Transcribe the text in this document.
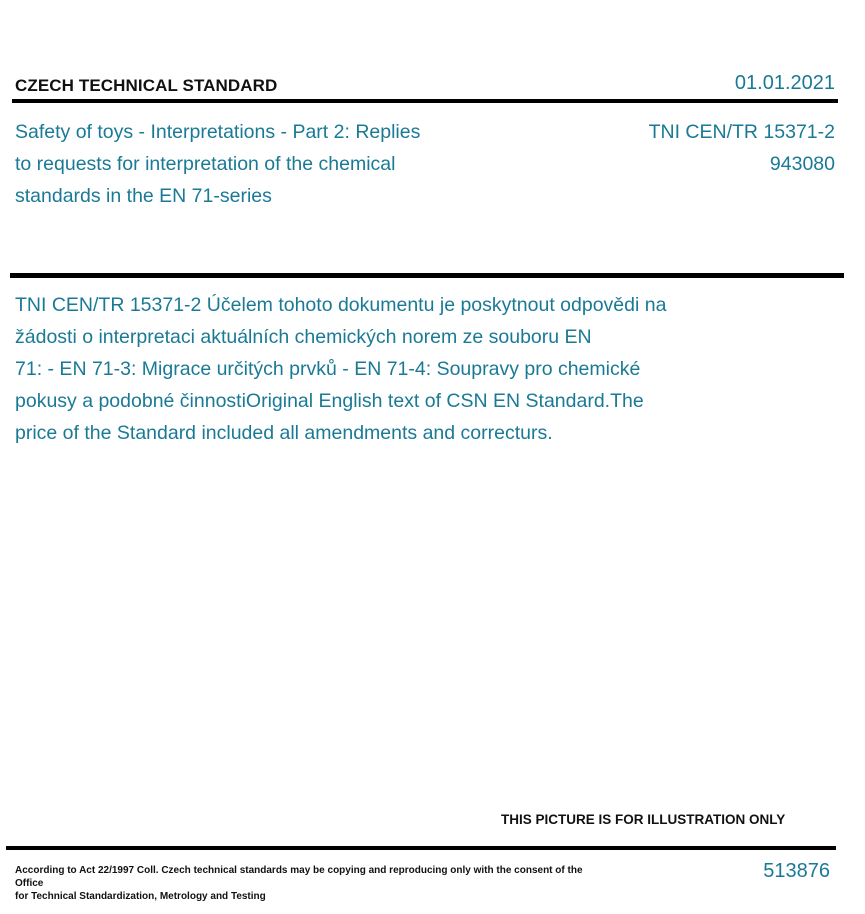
CZECH TECHNICAL STANDARD	01.01.2021
Safety of toys - Interpretations - Part 2: Replies
to requests for interpretation of the chemical
standards in the EN 71-series
TNI CEN/TR 15371-2
943080
TNI CEN/TR 15371-2 Účelem tohoto dokumentu je poskytnout odpovědi na
žádosti o interpretaci aktuálních chemických norem ze souboru EN
71: - EN 71-3: Migrace určitých prvků - EN 71-4: Soupravy pro chemické
pokusy a podobné činnostiOriginal English text of CSN EN Standard.The
price of the Standard included all amendments and correcturs.
THIS PICTURE IS FOR ILLUSTRATION ONLY
According to Act 22/1997 Coll. Czech technical standards may be copying and reproducing only with the consent of the Office
for Technical Standardization, Metrology and Testing
513876
